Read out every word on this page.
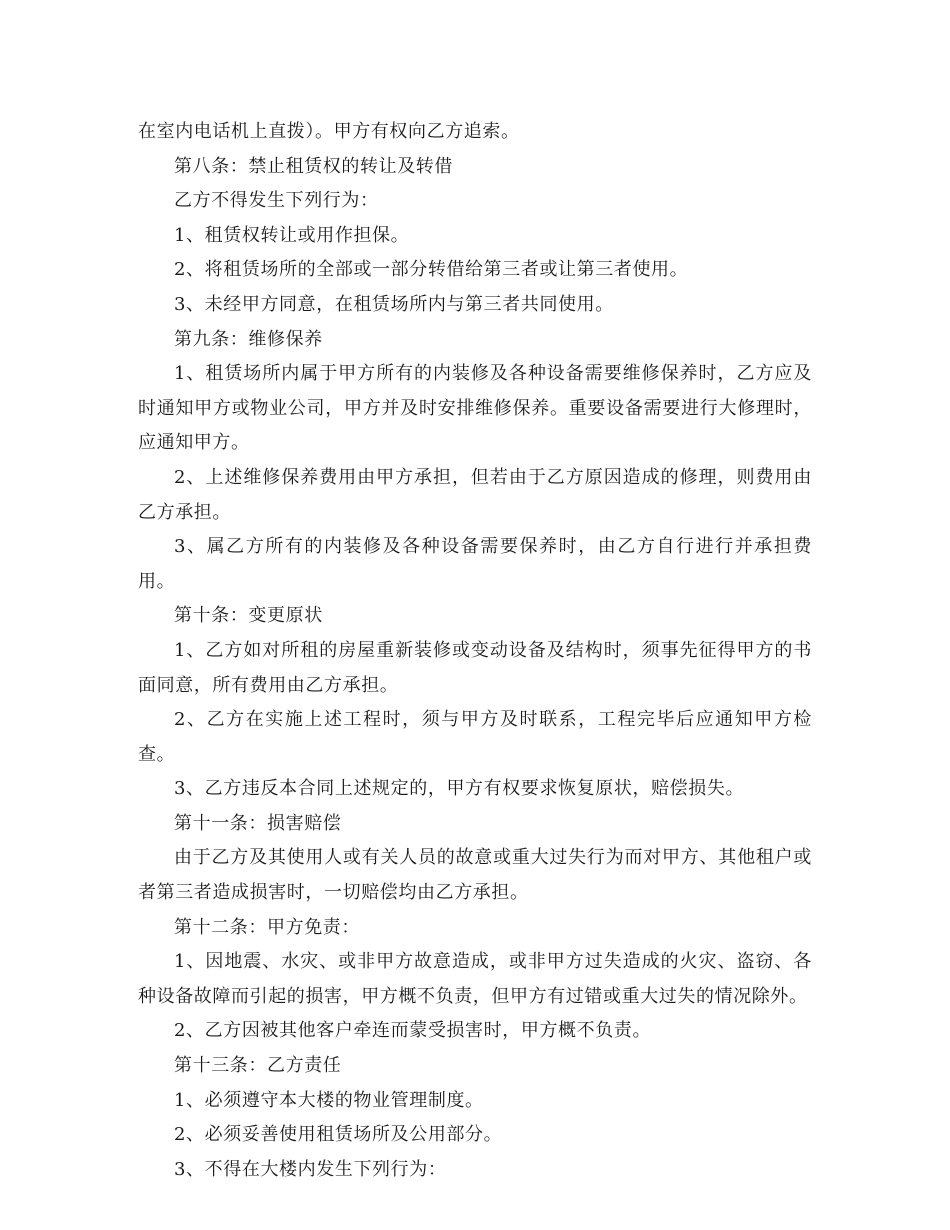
在室内电话机上直拨）。甲方有权向乙方追索。

第八条：禁止租赁权的转让及转借

乙方不得发生下列行为：

1、租赁权转让或用作担保。

2、将租赁场所的全部或一部分转借给第三者或让第三者使用。

3、未经甲方同意，在租赁场所内与第三者共同使用。

第九条：维修保养

1、租赁场所内属于甲方所有的内装修及各种设备需要维修保养时，乙方应及时通知甲方或物业公司，甲方并及时安排维修保养。重要设备需要进行大修理时，应通知甲方。

2、上述维修保养费用由甲方承担，但若由于乙方原因造成的修理，则费用由乙方承担。

3、属乙方所有的内装修及各种设备需要保养时，由乙方自行进行并承担费用。

第十条：变更原状

1、乙方如对所租的房屋重新装修或变动设备及结构时，须事先征得甲方的书面同意，所有费用由乙方承担。

2、乙方在实施上述工程时，须与甲方及时联系，工程完毕后应通知甲方检查。

3、乙方违反本合同上述规定的，甲方有权要求恢复原状，赔偿损失。

第十一条：损害赔偿

由于乙方及其使用人或有关人员的故意或重大过失行为而对甲方、其他租户或者第三者造成损害时，一切赔偿均由乙方承担。

第十二条：甲方免责：

1、因地震、水灾、或非甲方故意造成，或非甲方过失造成的火灾、盗窃、各种设备故障而引起的损害，甲方概不负责，但甲方有过错或重大过失的情况除外。

2、乙方因被其他客户牵连而蒙受损害时，甲方概不负责。

第十三条：乙方责任

1、必须遵守本大楼的物业管理制度。

2、必须妥善使用租赁场所及公用部分。

3、不得在大楼内发生下列行为：
